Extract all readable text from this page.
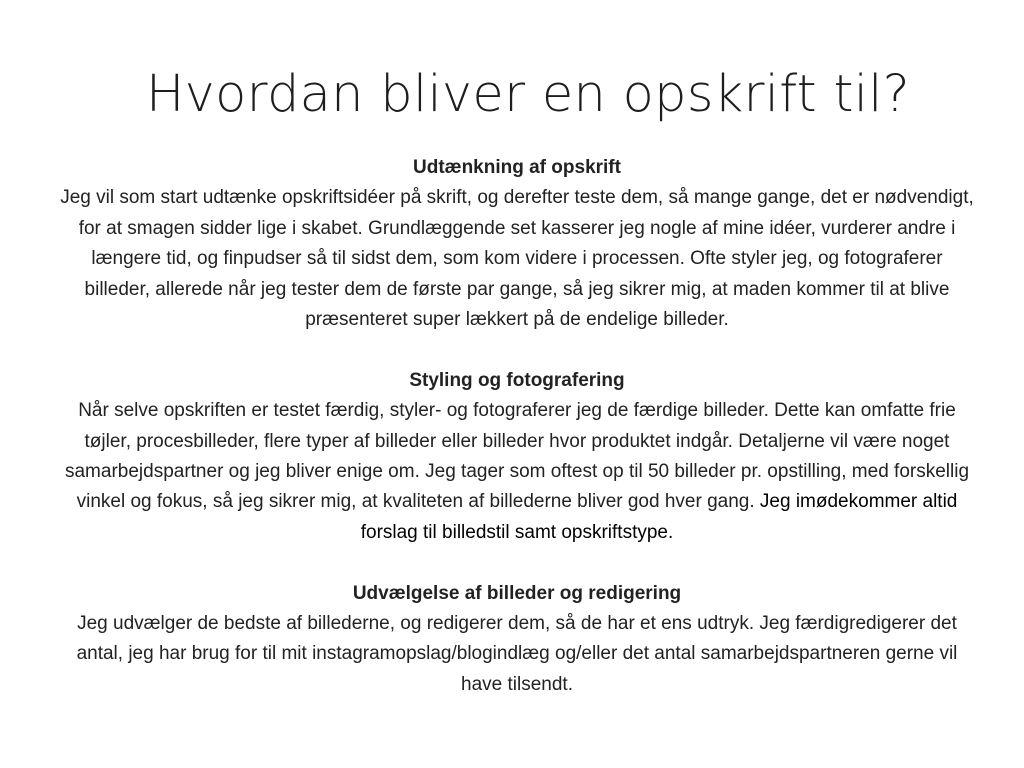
Hvordan bliver en opskrift til?
Udtænkning af opskrift
Jeg vil som start udtænke opskriftsidéer på skrift, og derefter teste dem, så mange gange, det er nødvendigt, for at smagen sidder lige i skabet. Grundlæggende set kasserer jeg nogle af mine idéer, vurderer andre i længere tid, og finpudser så til sidst dem, som kom videre i processen. Ofte styler jeg, og fotograferer billeder, allerede når jeg tester dem de første par gange, så jeg sikrer mig, at maden kommer til at blive præsenteret super lækkert på de endelige billeder.
Styling og fotografering
Når selve opskriften er testet færdig, styler- og fotograferer jeg de færdige billeder. Dette kan omfatte frie tøjler, procesbilleder, flere typer af billeder eller billeder hvor produktet indgår. Detaljerne vil være noget samarbejdspartner og jeg bliver enige om. Jeg tager som oftest op til 50 billeder pr. opstilling, med forskellig vinkel og fokus, så jeg sikrer mig, at kvaliteten af billederne bliver god hver gang. Jeg imødekommer altid forslag til billedstil samt opskriftstype.
Udvælgelse af billeder og redigering
Jeg udvælger de bedste af billederne, og redigerer dem, så de har et ens udtryk. Jeg færdigredigerer det antal, jeg har brug for til mit instagramopslag/blogindlæg og/eller det antal samarbejdspartneren gerne vil have tilsendt.
